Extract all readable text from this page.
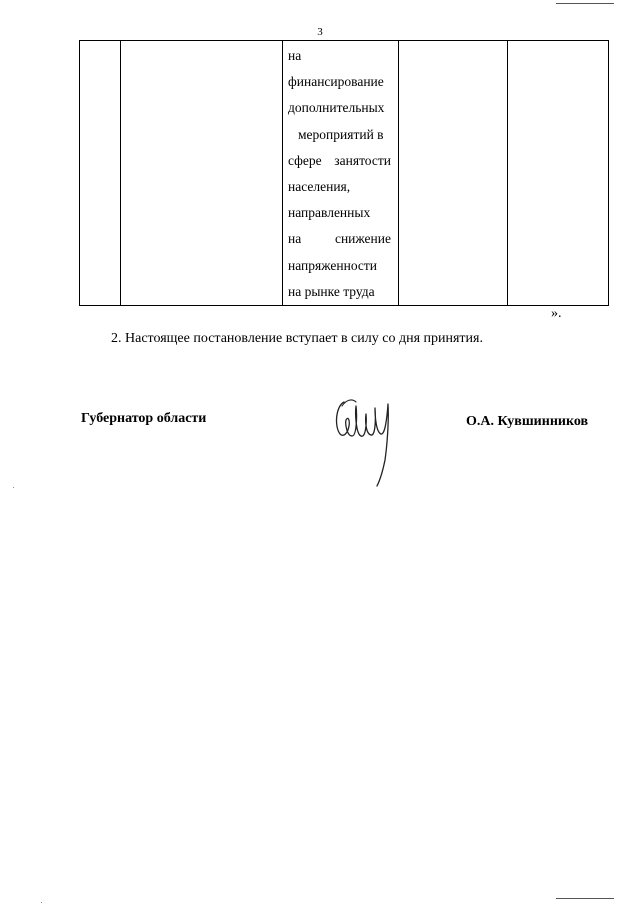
3

на
финансирование
дополнительных
мероприятий в
сфере занятости
населения,
направленных
на снижение
напряженности
на рынке труда

».
2. Настоящее постановление вступает в силу со дня принятия.
Губернатор области	О.А. Кувшинников
